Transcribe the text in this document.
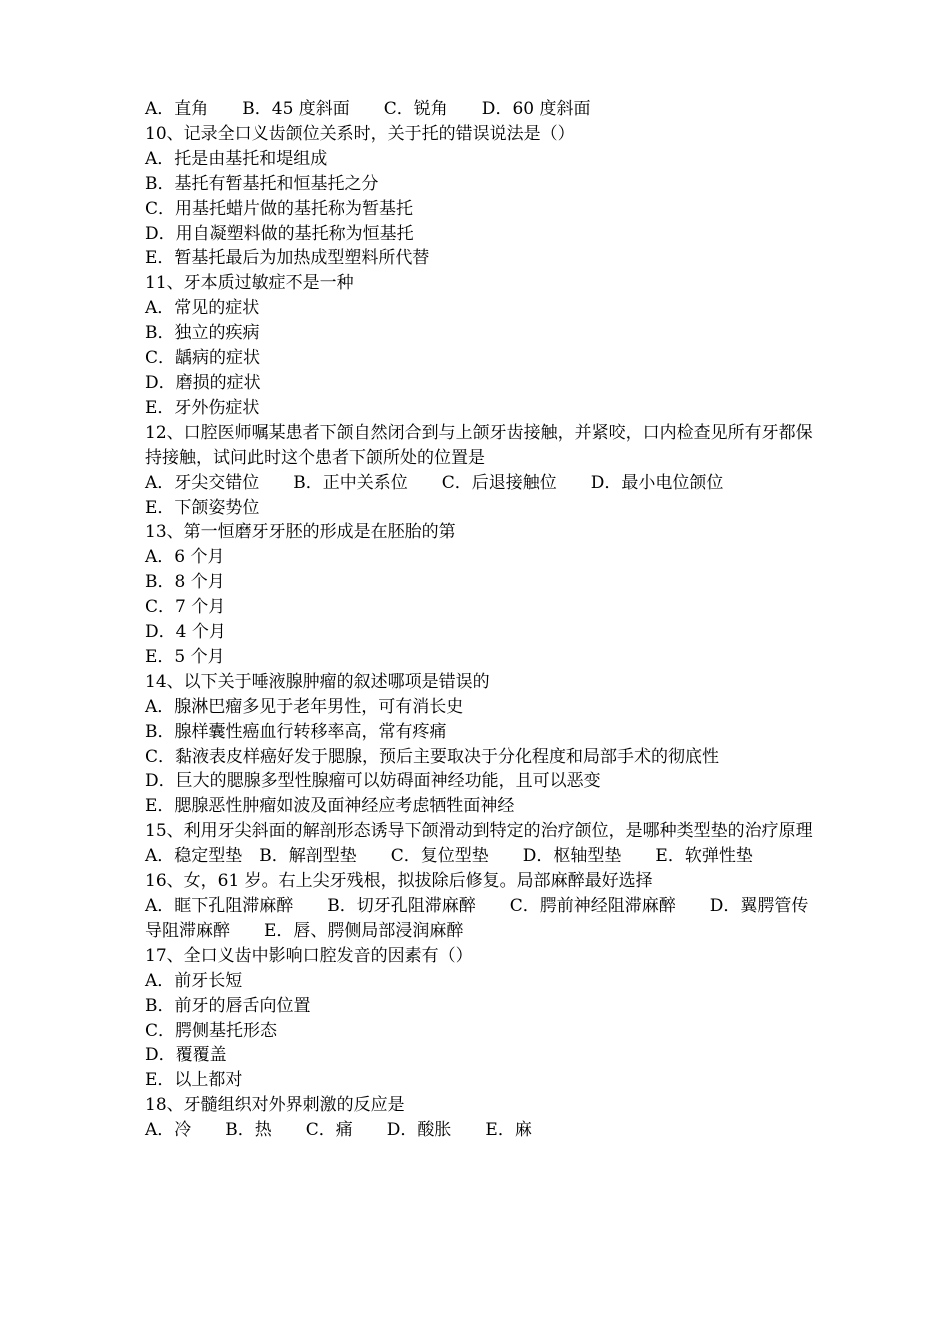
A．直角　　B．45 度斜面　　C．锐角　　D．60 度斜面

10、记录全口义齿颌位关系时，关于托的错误说法是（）

A．托是由基托和堤组成

B．基托有暂基托和恒基托之分

C．用基托蜡片做的基托称为暂基托

D．用自凝塑料做的基托称为恒基托

E．暂基托最后为加热成型塑料所代替

11、牙本质过敏症不是一种

A．常见的症状

B．独立的疾病

C．龋病的症状

D．磨损的症状

E．牙外伤症状

12、口腔医师嘱某患者下颌自然闭合到与上颌牙齿接触，并紧咬，口内检查见所有牙都保持接触，试问此时这个患者下颌所处的位置是

A．牙尖交错位　　B．正中关系位　　C．后退接触位　　D．最小电位颌位

E．下颌姿势位

13、第一恒磨牙牙胚的形成是在胚胎的第

A．6 个月

B．8 个月

C．7 个月

D．4 个月

E．5 个月

14、以下关于唾液腺肿瘤的叙述哪项是错误的

A．腺淋巴瘤多见于老年男性，可有消长史

B．腺样囊性癌血行转移率高，常有疼痛

C．黏液表皮样癌好发于腮腺，预后主要取决于分化程度和局部手术的彻底性

D．巨大的腮腺多型性腺瘤可以妨碍面神经功能，且可以恶变

E．腮腺恶性肿瘤如波及面神经应考虑牺牲面神经

15、利用牙尖斜面的解剖形态诱导下颌滑动到特定的治疗颌位，是哪种类型垫的治疗原理

A．稳定型垫　B．解剖型垫　　C．复位型垫　　D．枢轴型垫　　E．软弹性垫

16、女，61 岁。右上尖牙残根，拟拔除后修复。局部麻醉最好选择

A．眶下孔阻滞麻醉　　B．切牙孔阻滞麻醉　　C．腭前神经阻滞麻醉　　D．翼腭管传导阻滞麻醉　　E．唇、腭侧局部浸润麻醉

17、全口义齿中影响口腔发音的因素有（）

A．前牙长短

B．前牙的唇舌向位置

C．腭侧基托形态

D．覆覆盖

E．以上都对

18、牙髓组织对外界刺激的反应是

A．冷　　B．热　　C．痛　　D．酸胀　　E．麻
